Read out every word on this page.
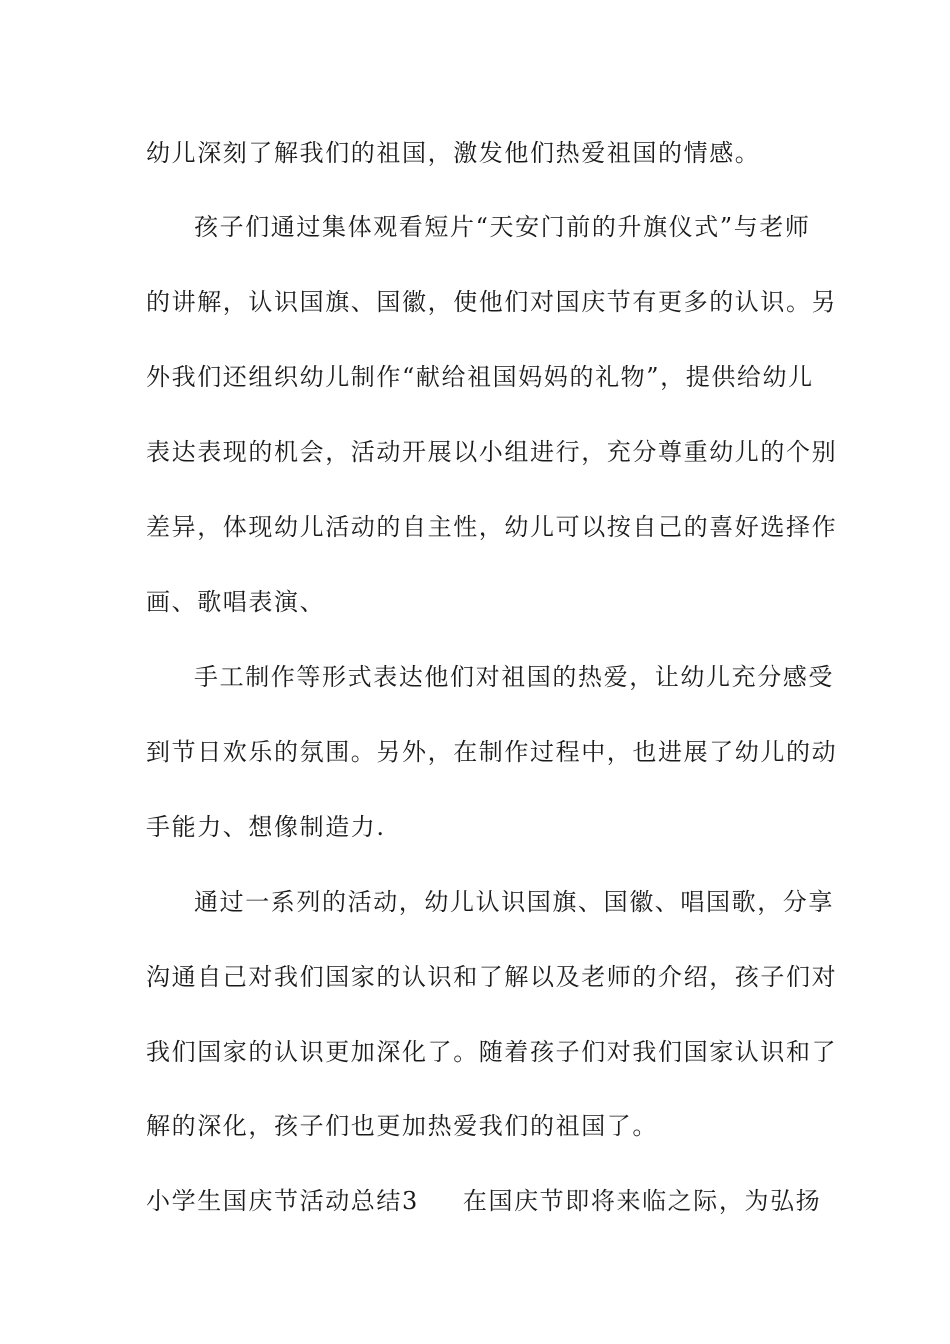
幼儿深刻了解我们的祖国，激发他们热爱祖国的情感。
孩子们通过集体观看短片“天安门前的升旗仪式”与老师
的讲解，认识国旗、国徽，使他们对国庆节有更多的认识。另
外我们还组织幼儿制作“献给祖国妈妈的礼物”，提供给幼儿
表达表现的机会，活动开展以小组进行，充分尊重幼儿的个别
差异，体现幼儿活动的自主性，幼儿可以按自己的喜好选择作
画、歌唱表演、
手工制作等形式表达他们对祖国的热爱，让幼儿充分感受
到节日欢乐的氛围。另外，在制作过程中，也进展了幼儿的动
手能力、想像制造力.
通过一系列的活动，幼儿认识国旗、国徽、唱国歌，分享
沟通自己对我们国家的认识和了解以及老师的介绍，孩子们对
我们国家的认识更加深化了。随着孩子们对我们国家认识和了
解的深化，孩子们也更加热爱我们的祖国了。
小学生国庆节活动总结3 在国庆节即将来临之际，为弘扬
